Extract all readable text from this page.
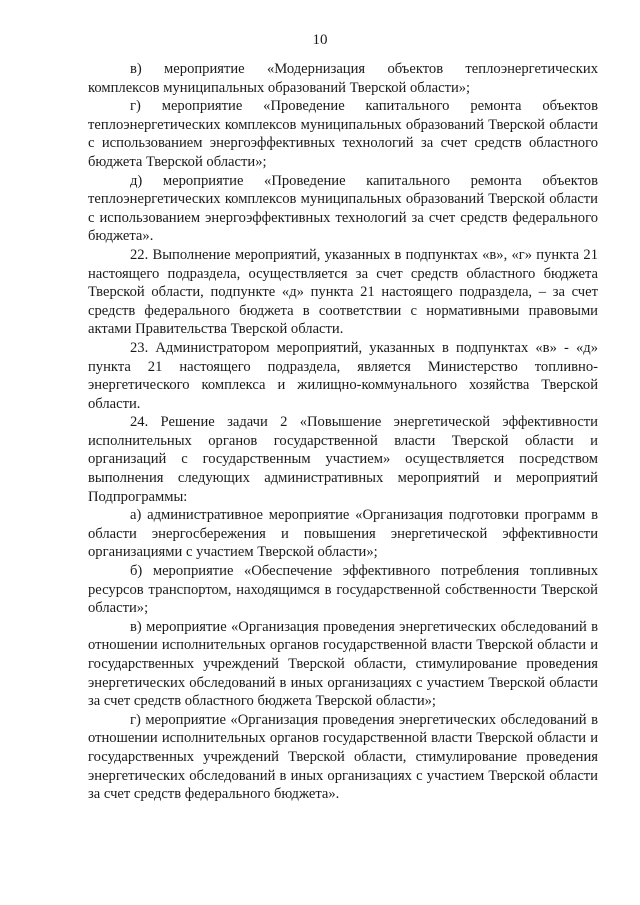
10

в) мероприятие «Модернизация объектов теплоэнергетических комплексов муниципальных образований Тверской области»;

г) мероприятие «Проведение капитального ремонта объектов теплоэнергетических комплексов муниципальных образований Тверской области с использованием энергоэффективных технологий за счет средств областного бюджета Тверской области»;

д) мероприятие «Проведение капитального ремонта объектов теплоэнергетических комплексов муниципальных образований Тверской области с использованием энергоэффективных технологий за счет средств федерального бюджета».

22. Выполнение мероприятий, указанных в подпунктах «в», «г» пункта 21 настоящего подраздела, осуществляется за счет средств областного бюджета Тверской области, подпункте «д» пункта 21 настоящего подраздела, – за счет средств федерального бюджета в соответствии с нормативными правовыми актами Правительства Тверской области.

23. Администратором мероприятий, указанных в подпунктах «в» - «д» пункта 21 настоящего подраздела, является Министерство топливно-энергетического комплекса и жилищно-коммунального хозяйства Тверской области.

24. Решение задачи 2 «Повышение энергетической эффективности исполнительных органов государственной власти Тверской области и организаций с государственным участием» осуществляется посредством выполнения следующих административных мероприятий и мероприятий Подпрограммы:

а) административное мероприятие «Организация подготовки программ в области энергосбережения и повышения энергетической эффективности организациями с участием Тверской области»;

б) мероприятие «Обеспечение эффективного потребления топливных ресурсов транспортом, находящимся в государственной собственности Тверской области»;

в) мероприятие «Организация проведения энергетических обследований в отношении исполнительных органов государственной власти Тверской области и государственных учреждений Тверской области, стимулирование проведения энергетических обследований в иных организациях с участием Тверской области за счет средств областного бюджета Тверской области»;

г) мероприятие «Организация проведения энергетических обследований в отношении исполнительных органов государственной власти Тверской области и государственных учреждений Тверской области, стимулирование проведения энергетических обследований в иных организациях с участием Тверской области за счет средств федерального бюджета».
